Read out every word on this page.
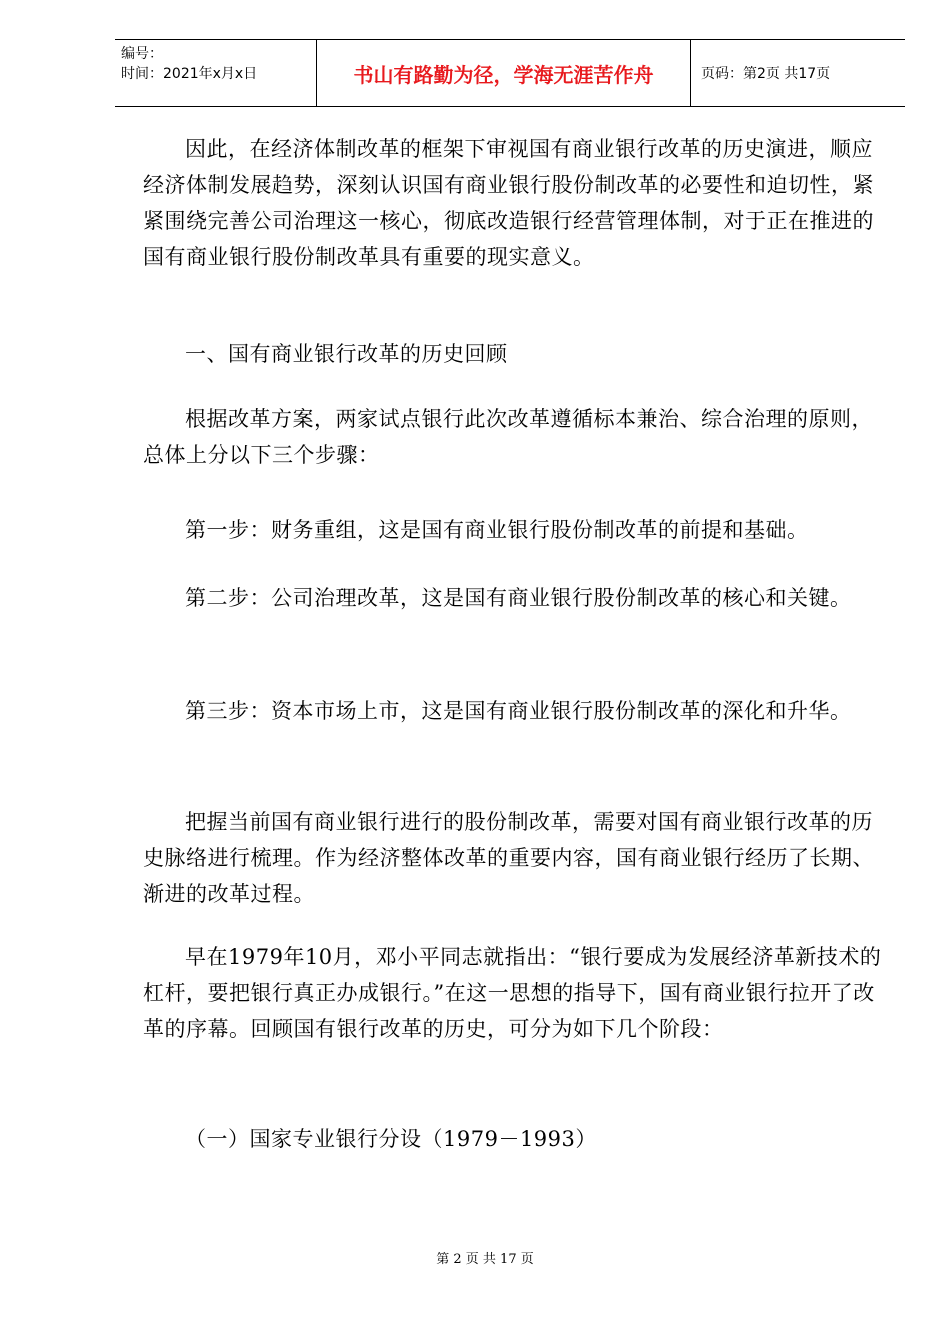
编号：
时间：2021年x月x日	书山有路勤为径，学海无涯苦作舟	页码：第2页 共17页

因此，在经济体制改革的框架下审视国有商业银行改革的历史演进，顺应经济体制发展趋势，深刻认识国有商业银行股份制改革的必要性和迫切性，紧紧围绕完善公司治理这一核心，彻底改造银行经营管理体制，对于正在推进的国有商业银行股份制改革具有重要的现实意义。

一、国有商业银行改革的历史回顾

根据改革方案，两家试点银行此次改革遵循标本兼治、综合治理的原则，总体上分以下三个步骤：

第一步：财务重组，这是国有商业银行股份制改革的前提和基础。

第二步：公司治理改革，这是国有商业银行股份制改革的核心和关键。

第三步：资本市场上市，这是国有商业银行股份制改革的深化和升华。

把握当前国有商业银行进行的股份制改革，需要对国有商业银行改革的历史脉络进行梳理。作为经济整体改革的重要内容，国有商业银行经历了长期、渐进的改革过程。

早在1979年10月，邓小平同志就指出：“银行要成为发展经济革新技术的杠杆，要把银行真正办成银行。”在这一思想的指导下，国有商业银行拉开了改革的序幕。回顾国有银行改革的历史，可分为如下几个阶段：

（一）国家专业银行分设（1979－1993）

第 2 页 共 17 页
